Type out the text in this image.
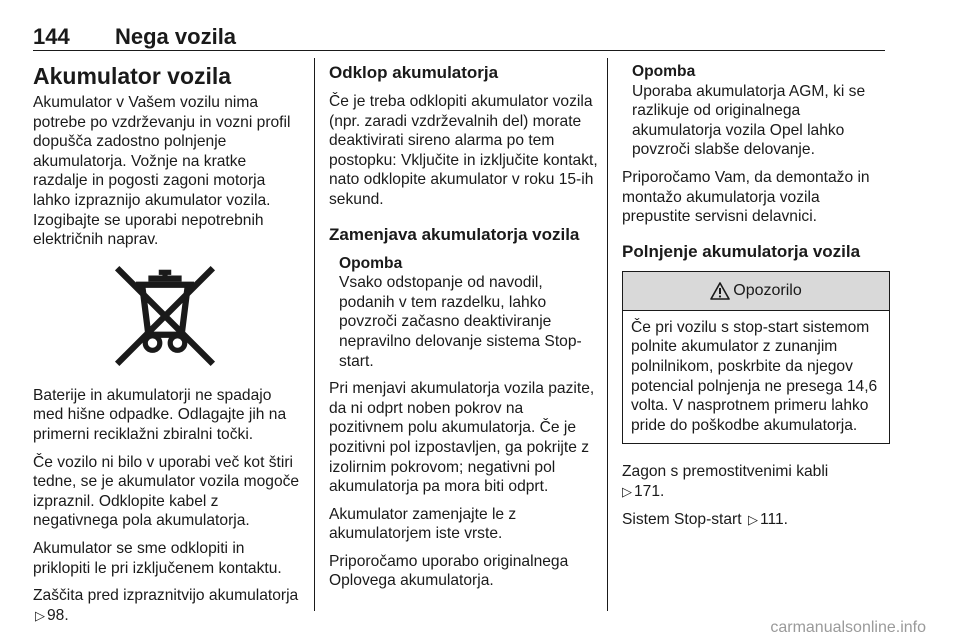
144 Nega vozila
Akumulator vozila

Akumulator v Vašem vozilu nima potrebe po vzdrževanju in vozni profil dopušča zadostno polnjenje akumulatorja. Vožnje na kratke razdalje in pogosti zagoni motorja lahko izpraznijo akumulator vozila. Izogibajte se uporabi nepotrebnih električnih naprav.

Baterije in akumulatorji ne spadajo med hišne odpadke. Odlagajte jih na primerni reciklažni zbiralni točki.

Če vozilo ni bilo v uporabi več kot štiri tedne, se je akumulator vozila mogoče izpraznil. Odklopite kabel z negativnega pola akumulatorja.

Akumulator se sme odklopiti in priklopiti le pri izključenem kontaktu.

Zaščita pred izpraznitvijo akumulatorja ▷ 98.

Odklop akumulatorja

Če je treba odklopiti akumulator vozila (npr. zaradi vzdrževalnih del) morate deaktivirati sireno alarma po tem postopku: Vključite in izključite kontakt, nato odklopite akumulator v roku 15-ih sekund.

Zamenjava akumulatorja vozila
Opomba
Vsako odstopanje od navodil, podanih v tem razdelku, lahko povzroči začasno deaktiviranje nepravilno delovanje sistema Stop-start.

Pri menjavi akumulatorja vozila pazite, da ni odprt noben pokrov na pozitivnem polu akumulatorja. Če je pozitivni pol izpostavljen, ga pokrijte z izolirnim pokrovom; negativni pol akumulatorja pa mora biti odprt.

Akumulator zamenjajte le z akumulatorjem iste vrste.

Priporočamo uporabo originalnega Oplovega akumulatorja.

Opomba
Uporaba akumulatorja AGM, ki se razlikuje od originalnega akumulatorja vozila Opel lahko povzroči slabše delovanje.

Priporočamo Vam, da demontažo in montažo akumulatorja vozila prepustite servisni delavnici.

Polnjenje akumulatorja vozila
Opozorilo
Če pri vozilu s stop-start sistemom polnite akumulator z zunanjim polnilnikom, poskrbite da njegov potencial polnjenja ne presega 14,6 volta. V nasprotnem primeru lahko pride do poškodbe akumulatorja.

Zagon s premostitvenimi kabli
▷ 171.

Sistem Stop-start ▷ 111.

carmanualsonline.info
